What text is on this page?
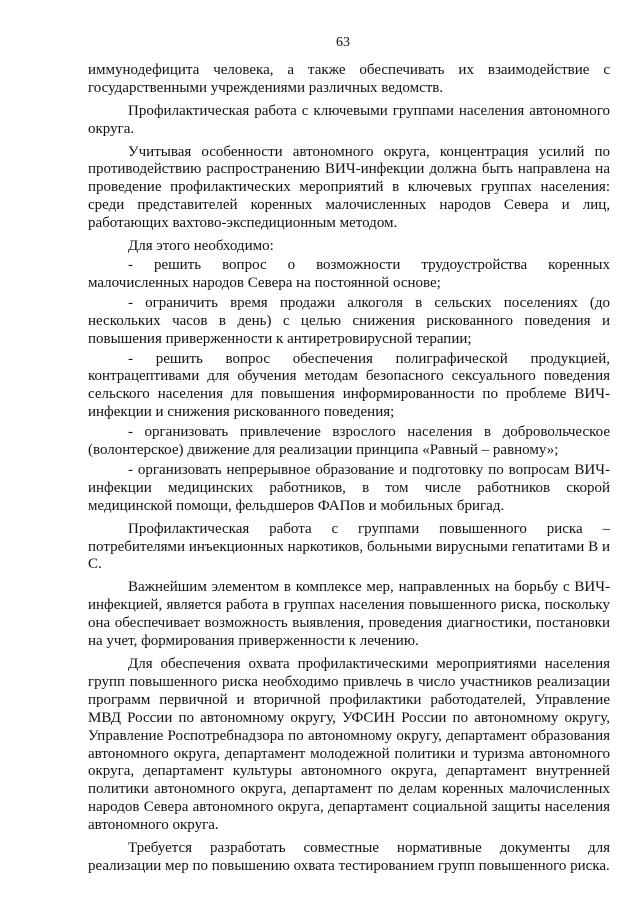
63

иммунодефицита человека, а также обеспечивать их взаимодействие с государственными учреждениями различных ведомств.

Профилактическая работа с ключевыми группами населения автономного округа.

Учитывая особенности автономного округа, концентрация усилий по противодействию распространению ВИЧ-инфекции должна быть направлена на проведение профилактических мероприятий в ключевых группах населения: среди представителей коренных малочисленных народов Севера и лиц, работающих вахтово-экспедиционным методом.

Для этого необходимо:

- решить вопрос о возможности трудоустройства коренных малочисленных народов Севера на постоянной основе;

- ограничить время продажи алкоголя в сельских поселениях (до нескольких часов в день) с целью снижения рискованного поведения и повышения приверженности к антиретровирусной терапии;

- решить вопрос обеспечения полиграфической продукцией, контрацептивами для обучения методам безопасного сексуального поведения сельского населения для повышения информированности по проблеме ВИЧ-инфекции и снижения рискованного поведения;

- организовать привлечение взрослого населения в добровольческое (волонтерское) движение для реализации принципа «Равный – равному»;

- организовать непрерывное образование и подготовку по вопросам ВИЧ-инфекции медицинских работников, в том числе работников скорой медицинской помощи, фельдшеров ФАПов и мобильных бригад.

Профилактическая работа с группами повышенного риска – потребителями инъекционных наркотиков, больными вирусными гепатитами В и С.

Важнейшим элементом в комплексе мер, направленных на борьбу с ВИЧ-инфекцией, является работа в группах населения повышенного риска, поскольку она обеспечивает возможность выявления, проведения диагностики, постановки на учет, формирования приверженности к лечению.

Для обеспечения охвата профилактическими мероприятиями населения групп повышенного риска необходимо привлечь в число участников реализации программ первичной и вторичной профилактики работодателей, Управление МВД России по автономному округу, УФСИН России по автономному округу, Управление Роспотребнадзора по автономному округу, департамент образования автономного округа, департамент молодежной политики и туризма автономного округа, департамент культуры автономного округа, департамент внутренней политики автономного округа, департамент по делам коренных малочисленных народов Севера автономного округа, департамент социальной защиты населения автономного округа.

Требуется разработать совместные нормативные документы для реализации мер по повышению охвата тестированием групп повышенного риска.
